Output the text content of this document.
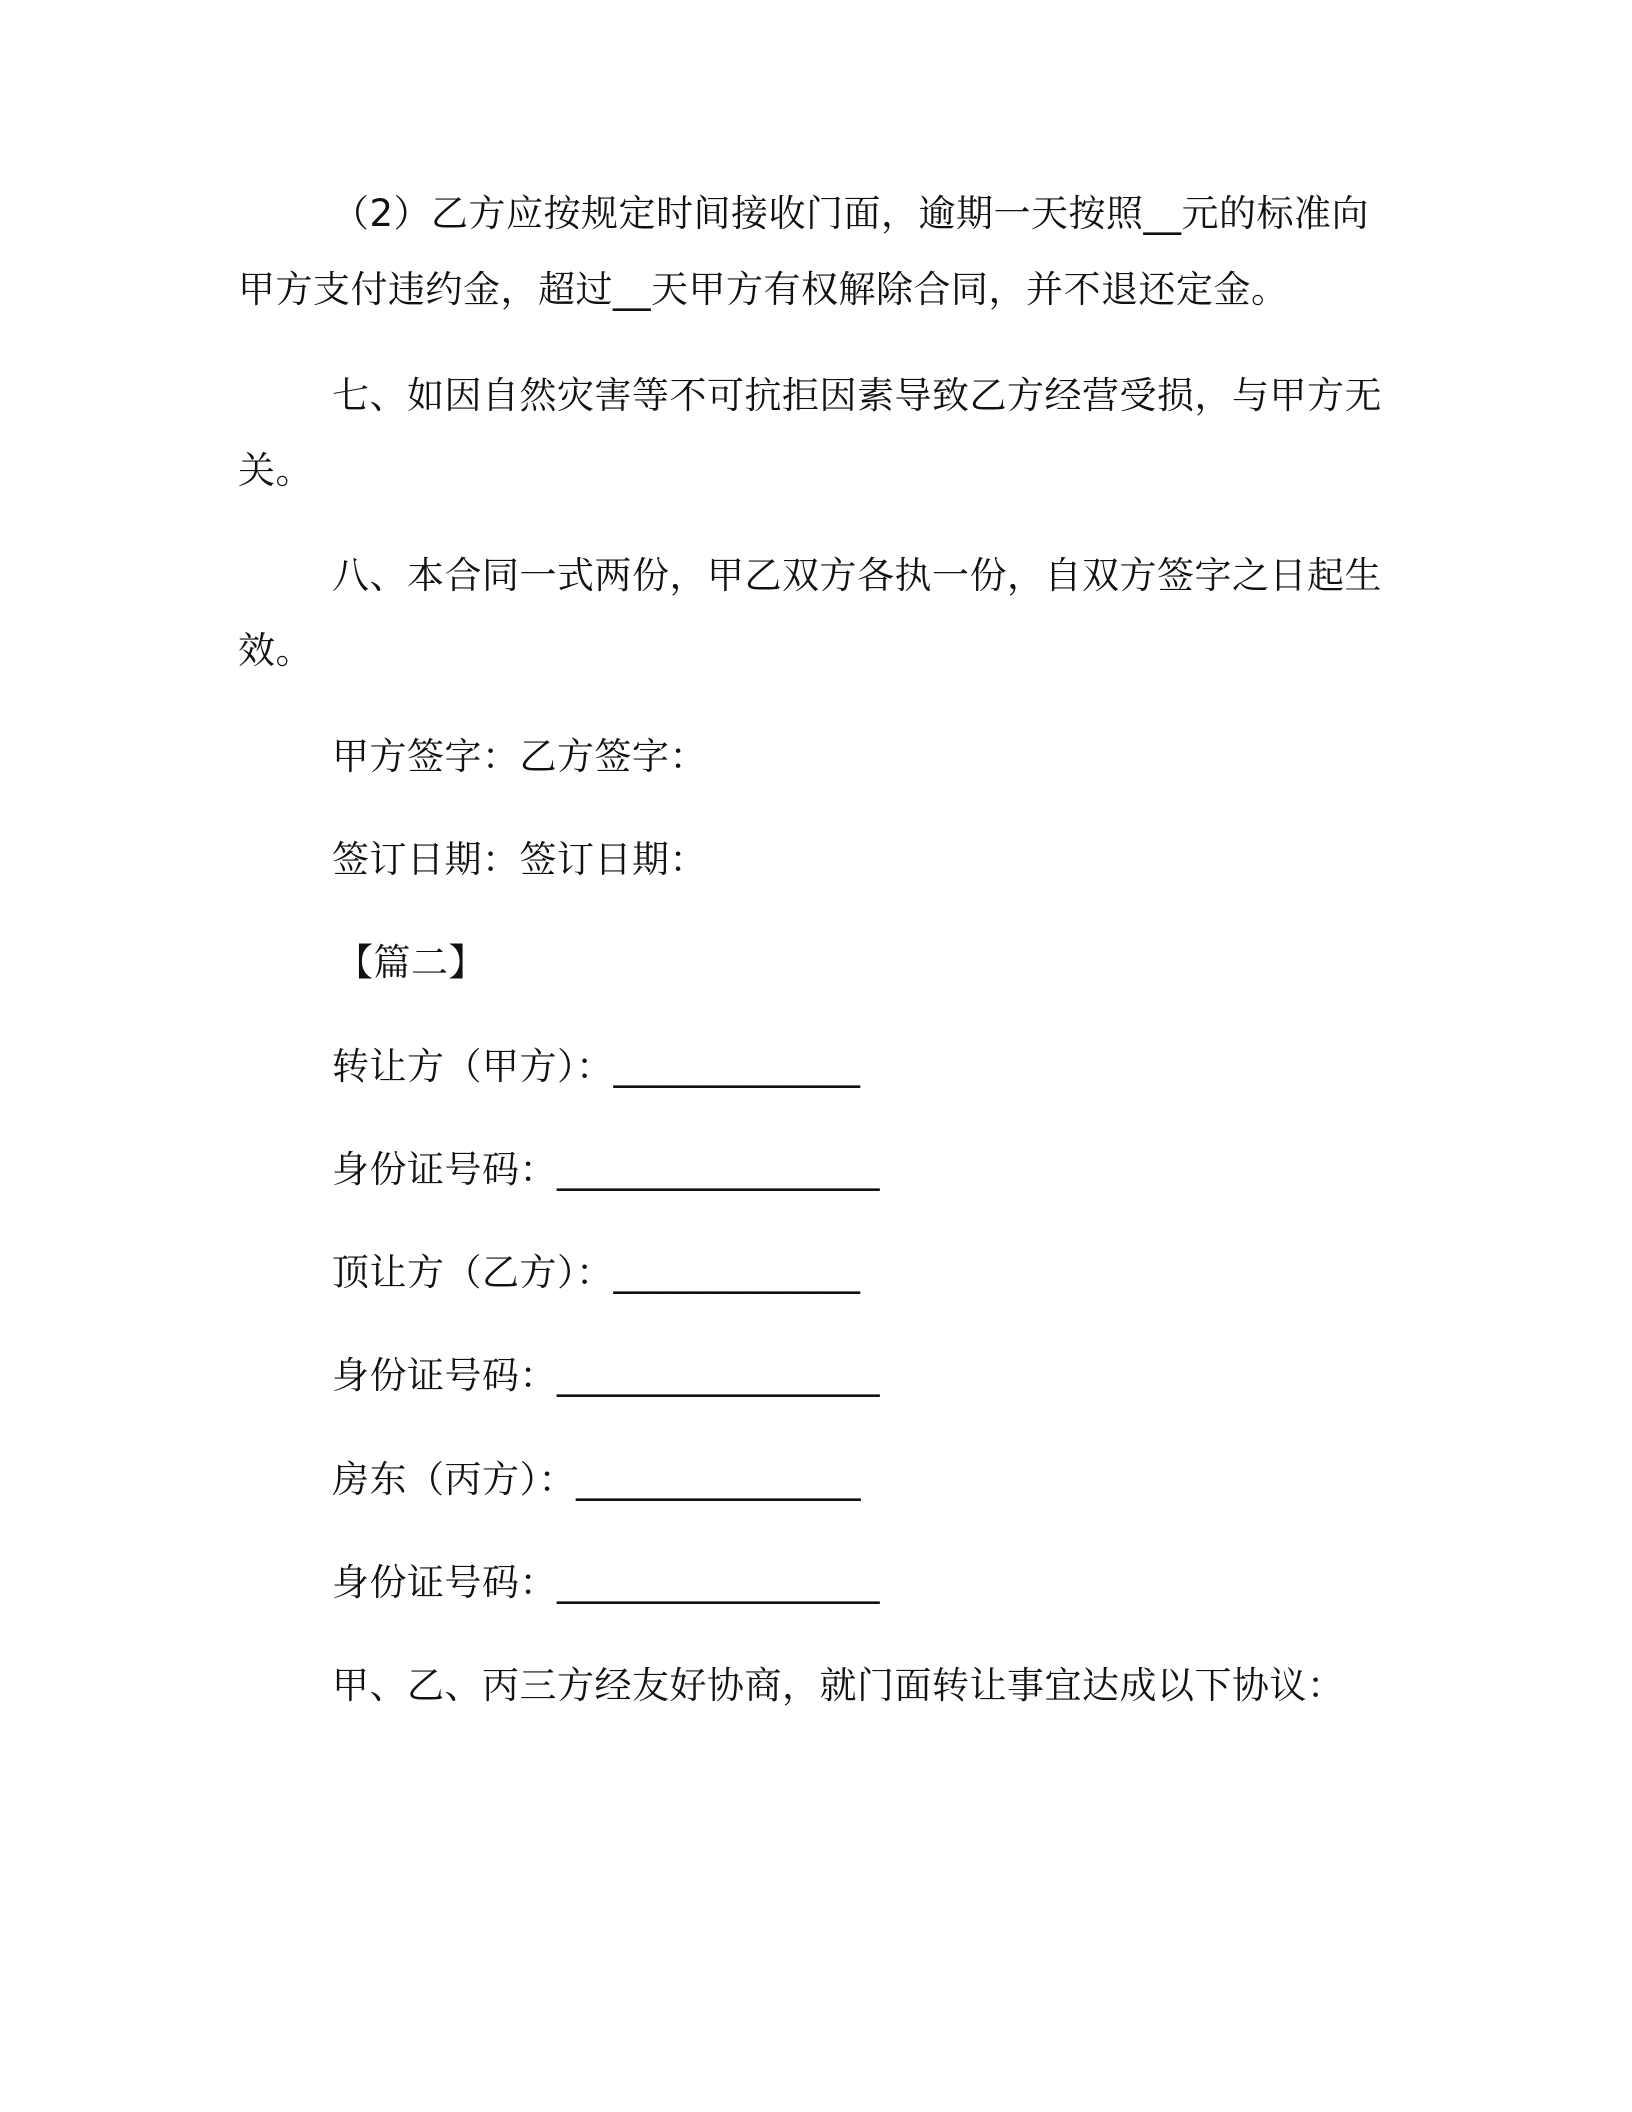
（2）乙方应按规定时间接收门面，逾期一天按照__元的标准向
甲方支付违约金，超过__天甲方有权解除合同，并不退还定金。
七、如因自然灾害等不可抗拒因素导致乙方经营受损，与甲方无
关。
八、本合同一式两份，甲乙双方各执一份，自双方签字之日起生
效。
甲方签字：乙方签字：
签订日期：签订日期：
【篇二】
转让方（甲方）：_____________
身份证号码：_________________
顶让方（乙方）：_____________
身份证号码：_________________
房东（丙方）：_______________
身份证号码：_________________
甲、乙、丙三方经友好协商，就门面转让事宜达成以下协议：
